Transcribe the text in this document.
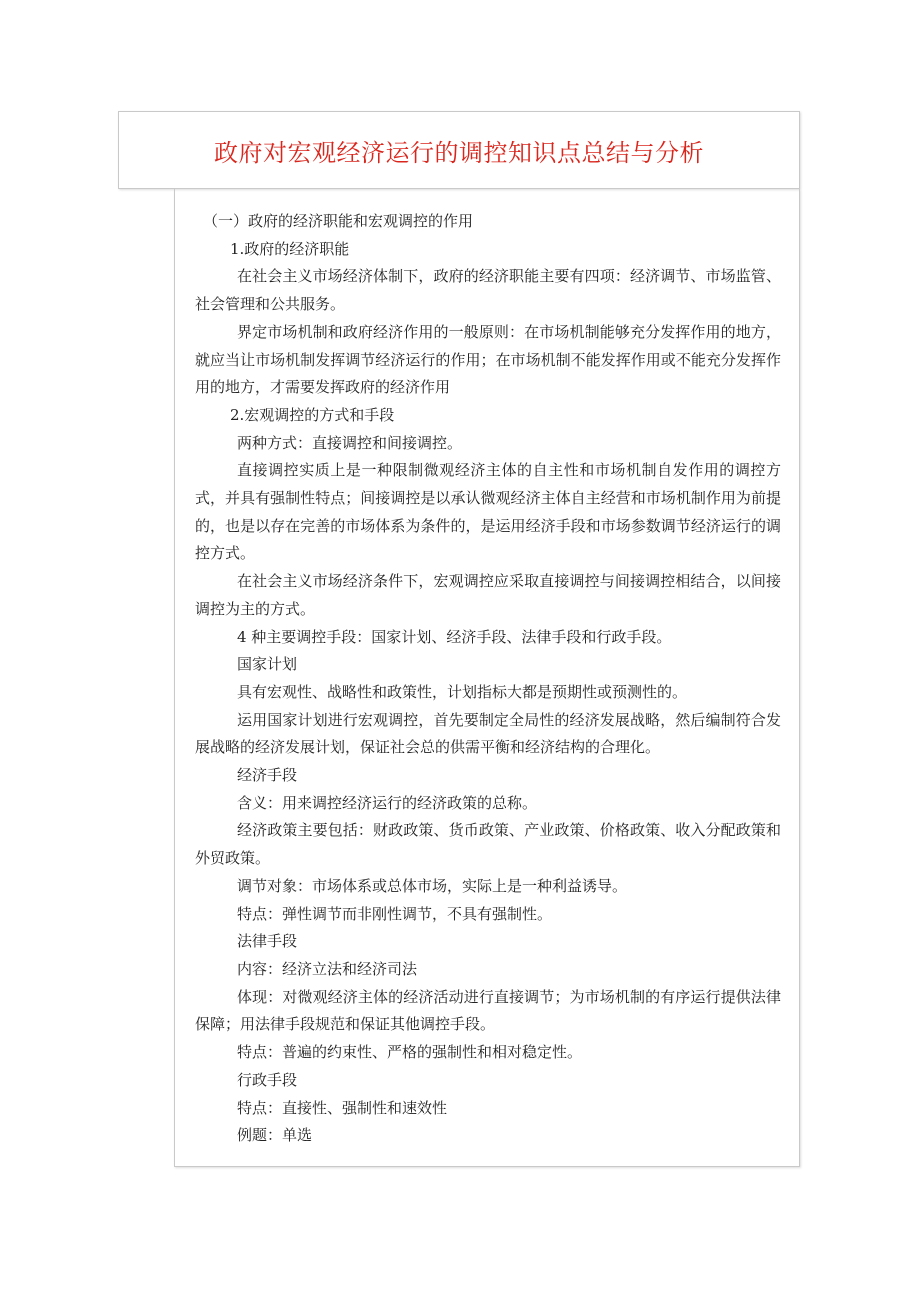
政府对宏观经济运行的调控知识点总结与分析

（一）政府的经济职能和宏观调控的作用

1.政府的经济职能

在社会主义市场经济体制下，政府的经济职能主要有四项：经济调节、市场监管、社会管理和公共服务。

界定市场机制和政府经济作用的一般原则：在市场机制能够充分发挥作用的地方，就应当让市场机制发挥调节经济运行的作用；在市场机制不能发挥作用或不能充分发挥作用的地方，才需要发挥政府的经济作用

2.宏观调控的方式和手段

两种方式：直接调控和间接调控。

直接调控实质上是一种限制微观经济主体的自主性和市场机制自发作用的调控方式，并具有强制性特点；间接调控是以承认微观经济主体自主经营和市场机制作用为前提的，也是以存在完善的市场体系为条件的，是运用经济手段和市场参数调节经济运行的调控方式。

在社会主义市场经济条件下，宏观调控应采取直接调控与间接调控相结合，以间接调控为主的方式。

4 种主要调控手段：国家计划、经济手段、法律手段和行政手段。

国家计划

具有宏观性、战略性和政策性，计划指标大都是预期性或预测性的。

运用国家计划进行宏观调控，首先要制定全局性的经济发展战略，然后编制符合发展战略的经济发展计划，保证社会总的供需平衡和经济结构的合理化。

经济手段

含义：用来调控经济运行的经济政策的总称。

经济政策主要包括：财政政策、货币政策、产业政策、价格政策、收入分配政策和外贸政策。

调节对象：市场体系或总体市场，实际上是一种利益诱导。

特点：弹性调节而非刚性调节，不具有强制性。

法律手段

内容：经济立法和经济司法

体现：对微观经济主体的经济活动进行直接调节；为市场机制的有序运行提供法律保障；用法律手段规范和保证其他调控手段。

特点：普遍的约束性、严格的强制性和相对稳定性。

行政手段

特点：直接性、强制性和速效性

例题：单选
